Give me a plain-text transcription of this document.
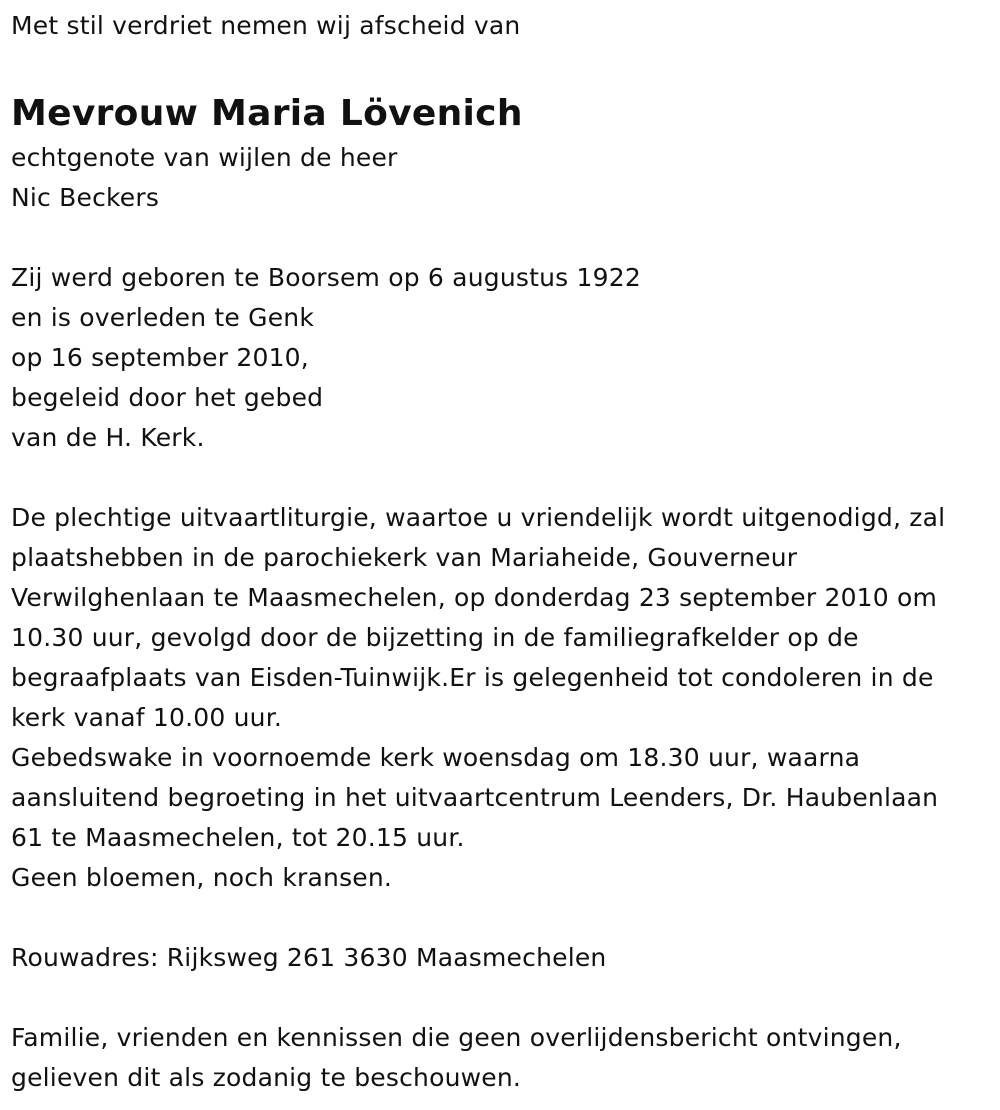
Met stil verdriet nemen wij afscheid van
Mevrouw Maria Lövenich
echtgenote van wijlen de heer
Nic Beckers
Zij werd geboren te Boorsem op 6 augustus 1922
en is overleden te Genk
op 16 september 2010,
begeleid door het gebed
van de H. Kerk.
De plechtige uitvaartliturgie, waartoe u vriendelijk wordt uitgenodigd, zal
plaatshebben in de parochiekerk van Mariaheide, Gouverneur
Verwilghenlaan te Maasmechelen, op donderdag 23 september 2010 om
10.30 uur, gevolgd door de bijzetting in de familiegrafkelder op de
begraafplaats van Eisden-Tuinwijk.Er is gelegenheid tot condoleren in de
kerk vanaf 10.00 uur.
Gebedswake in voornoemde kerk woensdag om 18.30 uur, waarna
aansluitend begroeting in het uitvaartcentrum Leenders, Dr. Haubenlaan
61 te Maasmechelen, tot 20.15 uur.
Geen bloemen, noch kransen.
Rouwadres: Rijksweg 261 3630 Maasmechelen
Familie, vrienden en kennissen die geen overlijdensbericht ontvingen,
gelieven dit als zodanig te beschouwen.
